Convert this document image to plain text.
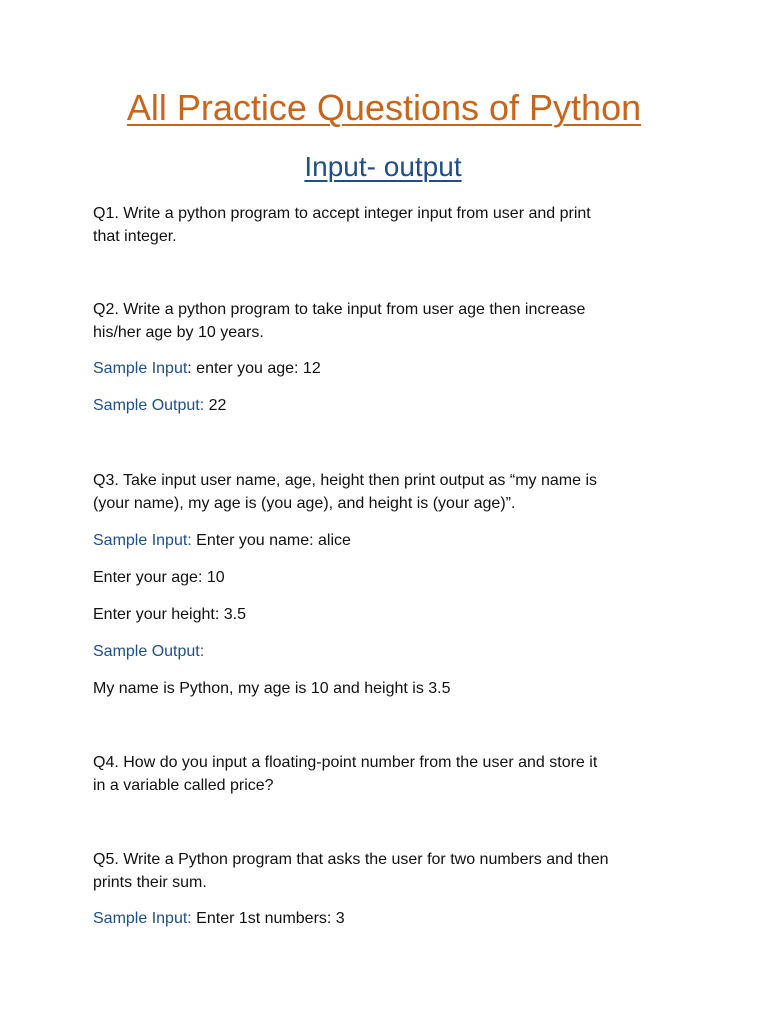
All Practice Questions of Python
Input- output

Q1. Write a python program to accept integer input from user and print

that integer.

Q2. Write a python program to take input from user age then increase

his/her age by 10 years.

Sample Input: enter you age: 12

Sample Output: 22

Q3. Take input user name, age, height then print output as “my name is

(your name), my age is (you age), and height is (your age)”.

Sample Input: Enter you name: alice

Enter your age: 10

Enter your height: 3.5

Sample Output:

My name is Python, my age is 10 and height is 3.5

Q4. How do you input a floating-point number from the user and store it

in a variable called price?

Q5. Write a Python program that asks the user for two numbers and then

prints their sum.

Sample Input: Enter 1st numbers: 3
